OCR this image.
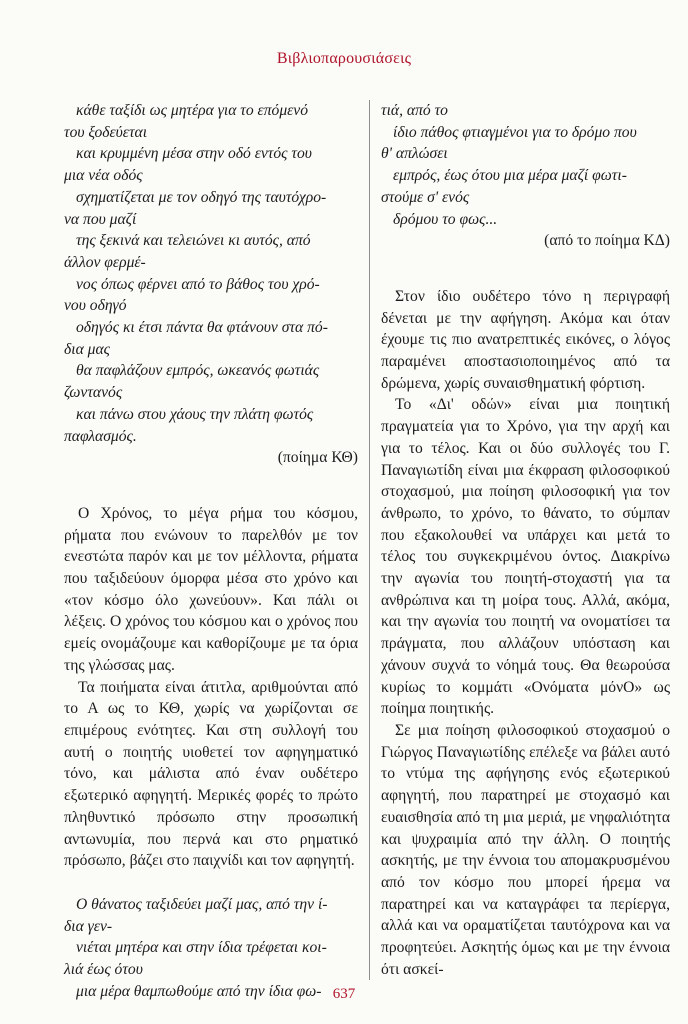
Βιβλιοπαρουσιάσεις
κάθε ταξίδι ως μητέρα για το επόμενό
του ξοδεύεται
και κρυμμένη μέσα στην οδό εντός του
μια νέα οδός
σχηματίζεται με τον οδηγό της ταυτόχρο-
να που μαζί
της ξεκινά και τελειώνει κι αυτός, από
άλλον φερμέ-
νος όπως φέρνει από το βάθος του χρό-
νου οδηγό
οδηγός κι έτσι πάντα θα φτάνουν στα πό-
δια μας
θα παφλάζουν εμπρός, ωκεανός φωτιάς
ζωντανός
και πάνω στου χάους την πλάτη φωτός
παφλασμός.
(ποίημα ΚΘ)

Ο Χρόνος, το μέγα ρήμα του κόσμου, ρήματα που ενώνουν το παρελθόν με τον ενεστώτα παρόν και με τον μέλλοντα, ρήματα που ταξιδεύουν όμορφα μέσα στο χρόνο και «τον κόσμο όλο χωνεύουν». Και πάλι οι λέξεις. Ο χρόνος του κόσμου και ο χρόνος που εμείς ονομάζουμε και καθορίζουμε με τα όρια της γλώσσας μας.

Τα ποιήματα είναι άτιτλα, αριθμούνται από το Α ως το ΚΘ, χωρίς να χωρίζονται σε επιμέρους ενότητες. Και στη συλλογή του αυτή ο ποιητής υιοθετεί τον αφηγηματικό τόνο, και μάλιστα από έναν ουδέτερο εξωτερικό αφηγητή. Μερικές φορές το πρώτο πληθυντικό πρόσωπο στην προσωπική αντωνυμία, που περνά και στο ρηματικό πρόσωπο, βάζει στο παιχνίδι και τον αφηγητή.

Ο θάνατος ταξιδεύει μαζί μας, από την ί-
δια γεν-
νιέται μητέρα και στην ίδια τρέφεται κοι-
λιά έως ότου
μια μέρα θαμπωθούμε από την ίδια φω-
τιά, από το
ίδιο πάθος φτιαγμένοι για το δρόμο που
θ' απλώσει
εμπρός, έως ότου μια μέρα μαζί φωτι-
στούμε σ' ενός
δρόμου το φως...
(από το ποίημα ΚΔ)

Στον ίδιο ουδέτερο τόνο η περιγραφή δένεται με την αφήγηση. Ακόμα και όταν έχουμε τις πιο ανατρεπτικές εικόνες, ο λόγος παραμένει αποστασιοποιημένος από τα δρώμενα, χωρίς συναισθηματική φόρτιση.

Το «Δι' οδών» είναι μια ποιητική πραγματεία για το Χρόνο, για την αρχή και για το τέλος. Και οι δύο συλλογές του Γ. Παναγιωτίδη είναι μια έκφραση φιλοσοφικού στοχασμού, μια ποίηση φιλοσοφική για τον άνθρωπο, το χρόνο, το θάνατο, το σύμπαν που εξακολουθεί να υπάρχει και μετά το τέλος του συγκεκριμένου όντος. Διακρίνω την αγωνία του ποιητή-στοχαστή για τα ανθρώπινα και τη μοίρα τους. Αλλά, ακόμα, και την αγωνία του ποιητή να ονοματίσει τα πράγματα, που αλλάζουν υπόσταση και χάνουν συχνά το νόημά τους. Θα θεωρούσα κυρίως το κομμάτι «Ονόματα μόνΟ» ως ποίημα ποιητικής.

Σε μια ποίηση φιλοσοφικού στοχασμού ο Γιώργος Παναγιωτίδης επέλεξε να βάλει αυτό το ντύμα της αφήγησης ενός εξωτερικού αφηγητή, που παρατηρεί με στοχασμό και ευαισθησία από τη μια μεριά, με νηφαλιότητα και ψυχραιμία από την άλλη. Ο ποιητής ασκητής, με την έννοια του απομακρυσμένου από τον κόσμο που μπορεί ήρεμα να παρατηρεί και να καταγράφει τα περίεργα, αλλά και να οραματίζεται ταυτόχρονα και να προφητεύει. Ασκητής όμως και με την έννοια ότι ασκεί-

637
